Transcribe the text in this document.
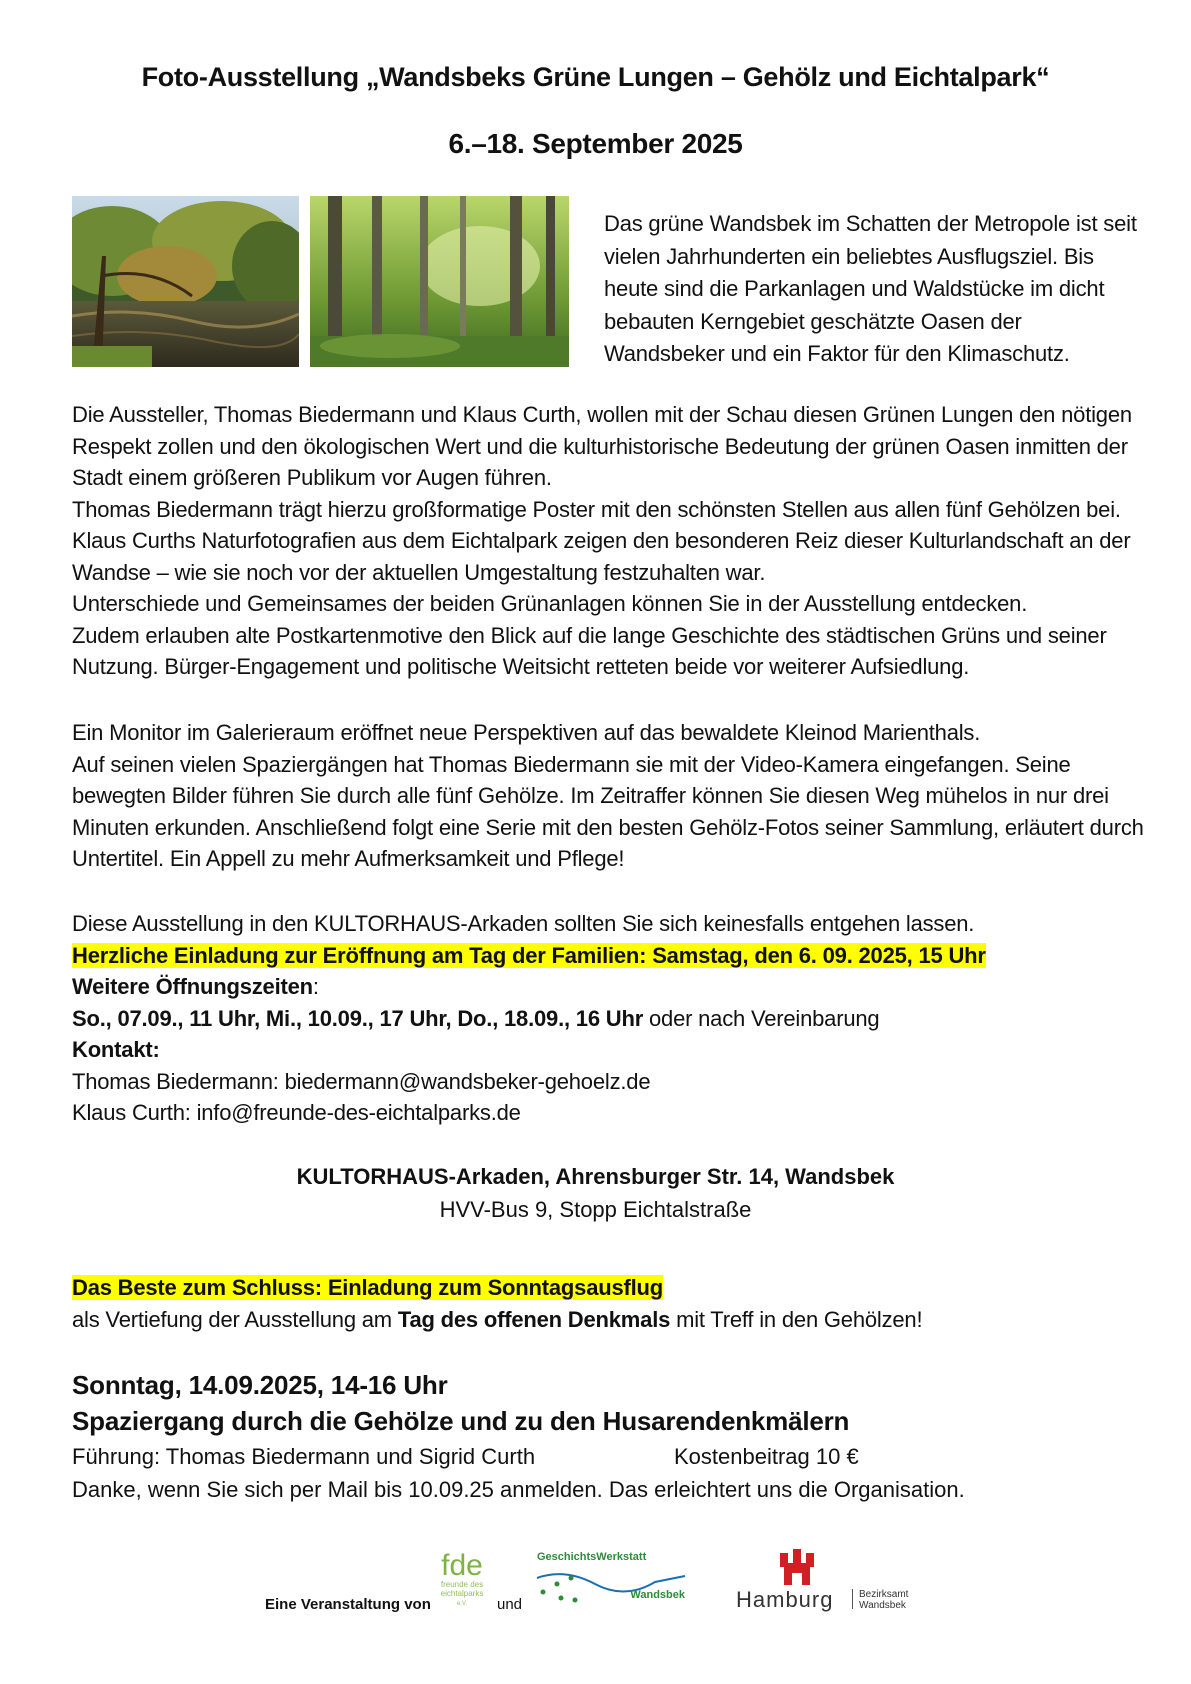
Foto-Ausstellung „Wandsbeks Grüne Lungen – Gehölz und Eichtalpark“
6.–18. September 2025
Das grüne Wandsbek im Schatten der Metropole ist seit vielen Jahrhunderten ein beliebtes Ausflugsziel. Bis heute sind die Parkanlagen und Waldstücke im dicht bebauten Kerngebiet geschätzte Oasen der Wandsbeker und ein Faktor für den Klimaschutz.

Die Aussteller, Thomas Biedermann und Klaus Curth, wollen mit der Schau diesen Grünen Lungen den nötigen Respekt zollen und den ökologischen Wert und die kulturhistorische Bedeutung der grünen Oasen inmitten der Stadt einem größeren Publikum vor Augen führen.

Thomas Biedermann trägt hierzu großformatige Poster mit den schönsten Stellen aus allen fünf Gehölzen bei. Klaus Curths Naturfotografien aus dem Eichtalpark zeigen den besonderen Reiz dieser Kulturlandschaft an der Wandse – wie sie noch vor der aktuellen Umgestaltung festzuhalten war.

Unterschiede und Gemeinsames der beiden Grünanlagen können Sie in der Ausstellung entdecken.

Zudem erlauben alte Postkartenmotive den Blick auf die lange Geschichte des städtischen Grüns und seiner Nutzung. Bürger-Engagement und politische Weitsicht retteten beide vor weiterer Aufsiedlung.

Ein Monitor im Galerieraum eröffnet neue Perspektiven auf das bewaldete Kleinod Marienthals.

Auf seinen vielen Spaziergängen hat Thomas Biedermann sie mit der Video-Kamera eingefangen. Seine bewegten Bilder führen Sie durch alle fünf Gehölze. Im Zeitraffer können Sie diesen Weg mühelos in nur drei Minuten erkunden. Anschließend folgt eine Serie mit den besten Gehölz-Fotos seiner Sammlung, erläutert durch Untertitel. Ein Appell zu mehr Aufmerksamkeit und Pflege!

Diese Ausstellung in den KULTORHAUS-Arkaden sollten Sie sich keinesfalls entgehen lassen.

Herzliche Einladung zur Eröffnung am Tag der Familien: Samstag, den 6. 09. 2025, 15 Uhr

Weitere Öffnungszeiten:

So., 07.09., 11 Uhr, Mi., 10.09., 17 Uhr, Do., 18.09., 16 Uhr oder nach Vereinbarung

Kontakt:

Thomas Biedermann: biedermann@wandsbeker-gehoelz.de

Klaus Curth: info@freunde-des-eichtalparks.de

KULTORHAUS-Arkaden, Ahrensburger Str. 14, Wandsbek
HVV-Bus 9, Stopp Eichtalstraße

Das Beste zum Schluss: Einladung zum Sonntagsausflug

als Vertiefung der Ausstellung am Tag des offenen Denkmals mit Treff in den Gehölzen!

Sonntag, 14.09.2025, 14-16 Uhr
Spaziergang durch die Gehölze und zu den Husarendenkmälern
Führung: Thomas Biedermann und Sigrid Curth	Kostenbeitrag 10 €
Danke, wenn Sie sich per Mail bis 10.09.25 anmelden. Das erleichtert uns die Organisation.
Eine Veranstaltung von
fde
freunde des
eichtalparks
e.V. und
GeschichtsWerkstatt
Wandsbek Hamburg	Bezirksamt
Wandsbek
